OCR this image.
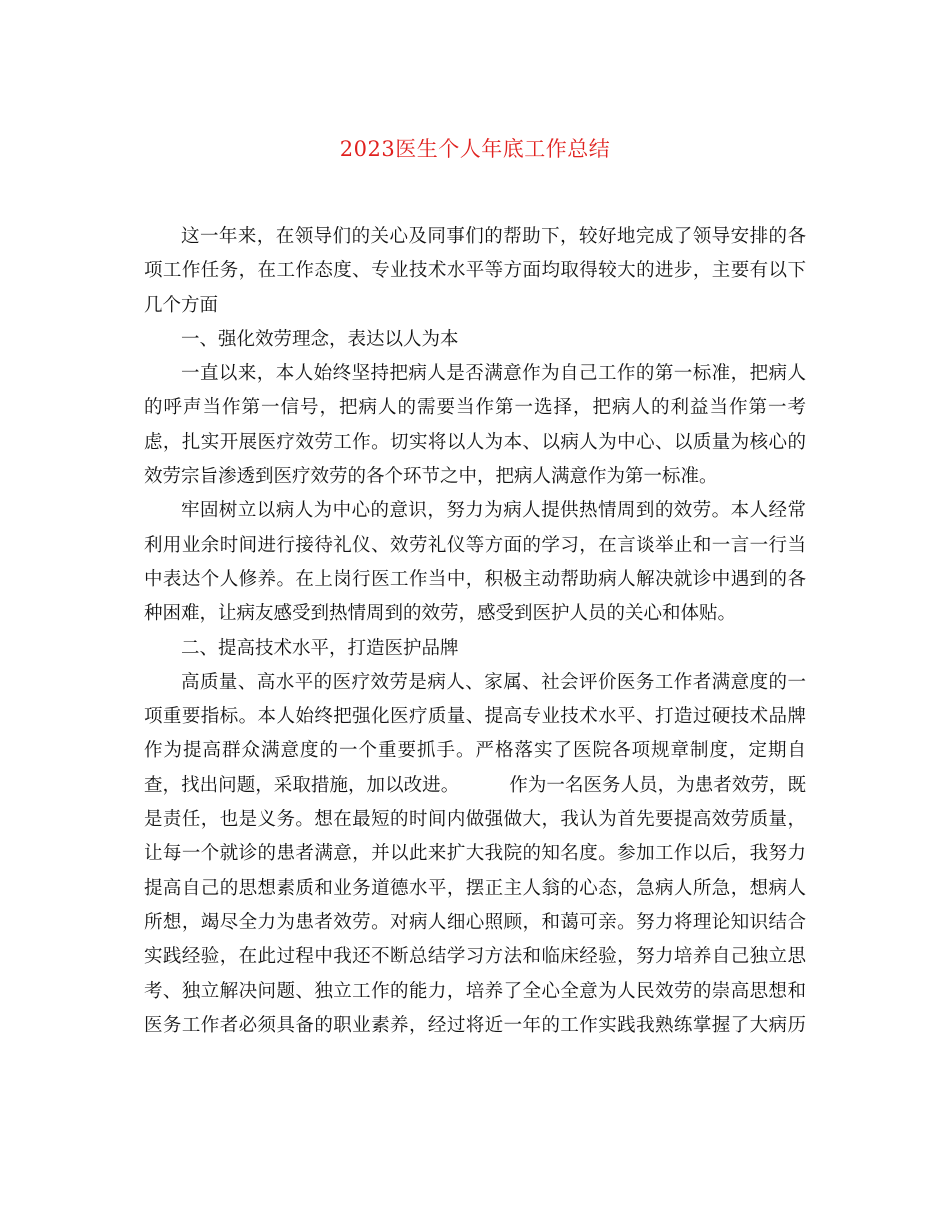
2023医生个人年底工作总结
这一年来，在领导们的关心及同事们的帮助下，较好地完成了领导安排的各
项工作任务，在工作态度、专业技术水平等方面均取得较大的进步，主要有以下
几个方面
一、强化效劳理念，表达以人为本
一直以来，本人始终坚持把病人是否满意作为自己工作的第一标准，把病人
的呼声当作第一信号，把病人的需要当作第一选择，把病人的利益当作第一考
虑，扎实开展医疗效劳工作。切实将以人为本、以病人为中心、以质量为核心的
效劳宗旨渗透到医疗效劳的各个环节之中，把病人满意作为第一标准。
牢固树立以病人为中心的意识，努力为病人提供热情周到的效劳。本人经常
利用业余时间进行接待礼仪、效劳礼仪等方面的学习，在言谈举止和一言一行当
中表达个人修养。在上岗行医工作当中，积极主动帮助病人解决就诊中遇到的各
种困难，让病友感受到热情周到的效劳，感受到医护人员的关心和体贴。
二、提高技术水平，打造医护品牌
高质量、高水平的医疗效劳是病人、家属、社会评价医务工作者满意度的一
项重要指标。本人始终把强化医疗质量、提高专业技术水平、打造过硬技术品牌
作为提高群众满意度的一个重要抓手。严格落实了医院各项规章制度，定期自
查，找出问题，采取措施，加以改进。	作为一名医务人员，为患者效劳，既
是责任，也是义务。想在最短的时间内做强做大，我认为首先要提高效劳质量，
让每一个就诊的患者满意，并以此来扩大我院的知名度。参加工作以后，我努力
提高自己的思想素质和业务道德水平，摆正主人翁的心态，急病人所急，想病人
所想，竭尽全力为患者效劳。对病人细心照顾，和蔼可亲。努力将理论知识结合
实践经验，在此过程中我还不断总结学习方法和临床经验，努力培养自己独立思
考、独立解决问题、独立工作的能力，培养了全心全意为人民效劳的崇高思想和
医务工作者必须具备的职业素养，经过将近一年的工作实践我熟练掌握了大病历
